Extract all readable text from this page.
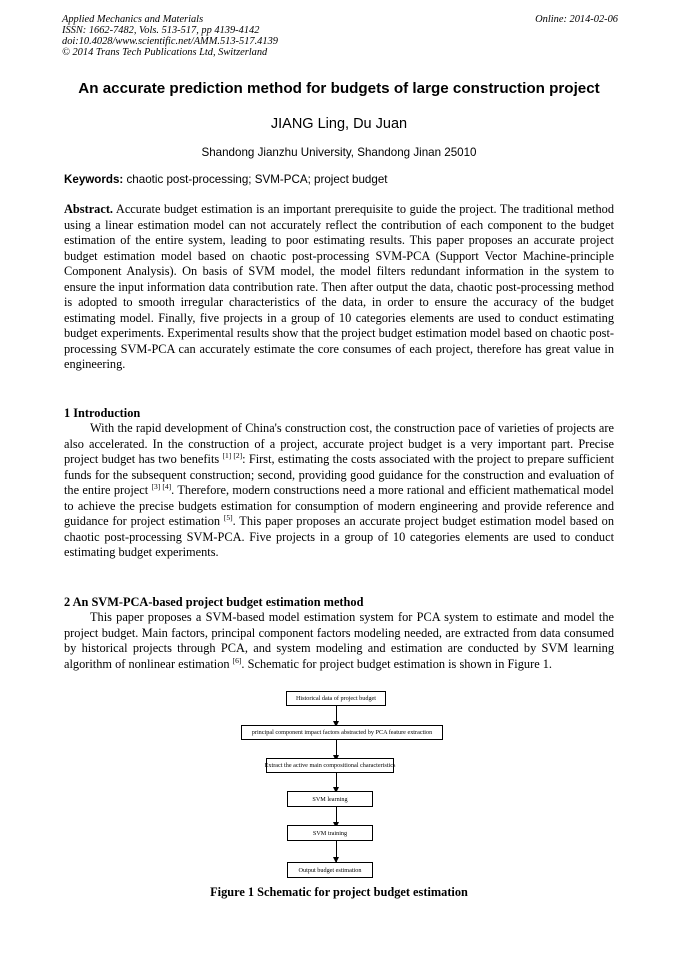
Applied Mechanics and Materials
ISSN: 1662-7482, Vols. 513-517, pp 4139-4142
doi:10.4028/www.scientific.net/AMM.513-517.4139
© 2014 Trans Tech Publications Ltd, Switzerland
Online: 2014-02-06
An accurate prediction method for budgets of large construction project
JIANG Ling, Du Juan
Shandong Jianzhu University, Shandong Jinan 25010
Keywords: chaotic post-processing; SVM-PCA; project budget
Abstract. Accurate budget estimation is an important prerequisite to guide the project. The traditional method using a linear estimation model can not accurately reflect the contribution of each component to the budget estimation of the entire system, leading to poor estimating results. This paper proposes an accurate project budget estimation model based on chaotic post-processing SVM-PCA (Support Vector Machine-principle Component Analysis). On basis of SVM model, the model filters redundant information in the system to ensure the input information data contribution rate. Then after output the data, chaotic post-processing method is adopted to smooth irregular characteristics of the data, in order to ensure the accuracy of the budget estimating model. Finally, five projects in a group of 10 categories elements are used to conduct estimating budget experiments. Experimental results show that the project budget estimation model based on chaotic post-processing SVM-PCA can accurately estimate the core consumes of each project, therefore has great value in engineering.
1 Introduction
With the rapid development of China's construction cost, the construction pace of varieties of projects are also accelerated. In the construction of a project, accurate project budget is a very important part. Precise project budget has two benefits [1] [2]: First, estimating the costs associated with the project to prepare sufficient funds for the subsequent construction; second, providing good guidance for the construction and evaluation of the entire project [3] [4]. Therefore, modern constructions need a more rational and efficient mathematical model to achieve the precise budgets estimation for consumption of modern engineering and provide reference and guidance for project estimation [5]. This paper proposes an accurate project budget estimation model based on chaotic post-processing SVM-PCA. Five projects in a group of 10 categories elements are used to conduct estimating budget experiments.
2 An SVM-PCA-based project budget estimation method
This paper proposes a SVM-based model estimation system for PCA system to estimate and model the project budget. Main factors, principal component factors modeling needed, are extracted from data consumed by historical projects through PCA, and system modeling and estimation are conducted by SVM learning algorithm of nonlinear estimation [6]. Schematic for project budget estimation is shown in Figure 1.
Historical data of project budget
principal component impact factors abstracted by PCA feature extraction
Extract the active main compositional characteristics
SVM learning
SVM training
Output budget estimation
Figure 1 Schematic for project budget estimation
